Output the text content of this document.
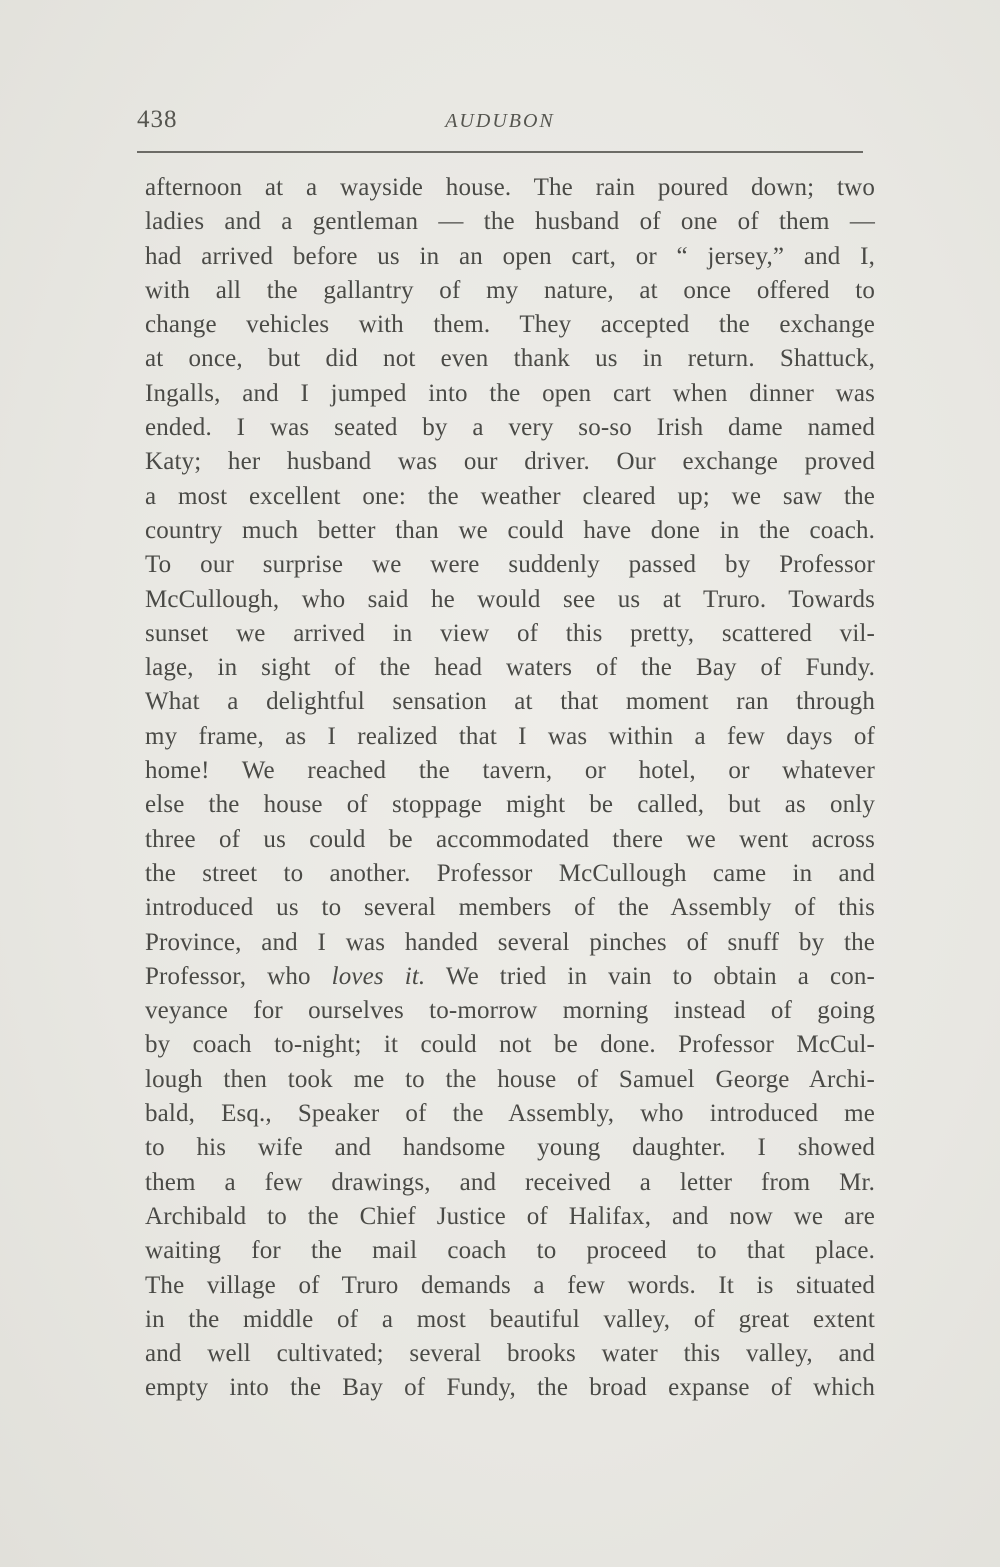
438	AUDUBON
afternoon at a wayside house. The rain poured down; two
ladies and a gentleman — the husband of one of them —
had arrived before us in an open cart, or “ jersey,” and I,
with all the gallantry of my nature, at once offered to
change vehicles with them. They accepted the exchange
at once, but did not even thank us in return. Shattuck,
Ingalls, and I jumped into the open cart when dinner was
ended. I was seated by a very so-so Irish dame named
Katy; her husband was our driver. Our exchange proved
a most excellent one: the weather cleared up; we saw the
country much better than we could have done in the coach.
To our surprise we were suddenly passed by Professor
McCullough, who said he would see us at Truro. Towards
sunset we arrived in view of this pretty, scattered vil-
lage, in sight of the head waters of the Bay of Fundy.
What a delightful sensation at that moment ran through
my frame, as I realized that I was within a few days of
home! We reached the tavern, or hotel, or whatever
else the house of stoppage might be called, but as only
three of us could be accommodated there we went across
the street to another. Professor McCullough came in and
introduced us to several members of the Assembly of this
Province, and I was handed several pinches of snuff by the
Professor, who loves it. We tried in vain to obtain a con-
veyance for ourselves to-morrow morning instead of going
by coach to-night; it could not be done. Professor McCul-
lough then took me to the house of Samuel George Archi-
bald, Esq., Speaker of the Assembly, who introduced me
to his wife and handsome young daughter. I showed
them a few drawings, and received a letter from Mr.
Archibald to the Chief Justice of Halifax, and now we are
waiting for the mail coach to proceed to that place.
The village of Truro demands a few words. It is situated
in the middle of a most beautiful valley, of great extent
and well cultivated; several brooks water this valley, and
empty into the Bay of Fundy, the broad expanse of which
